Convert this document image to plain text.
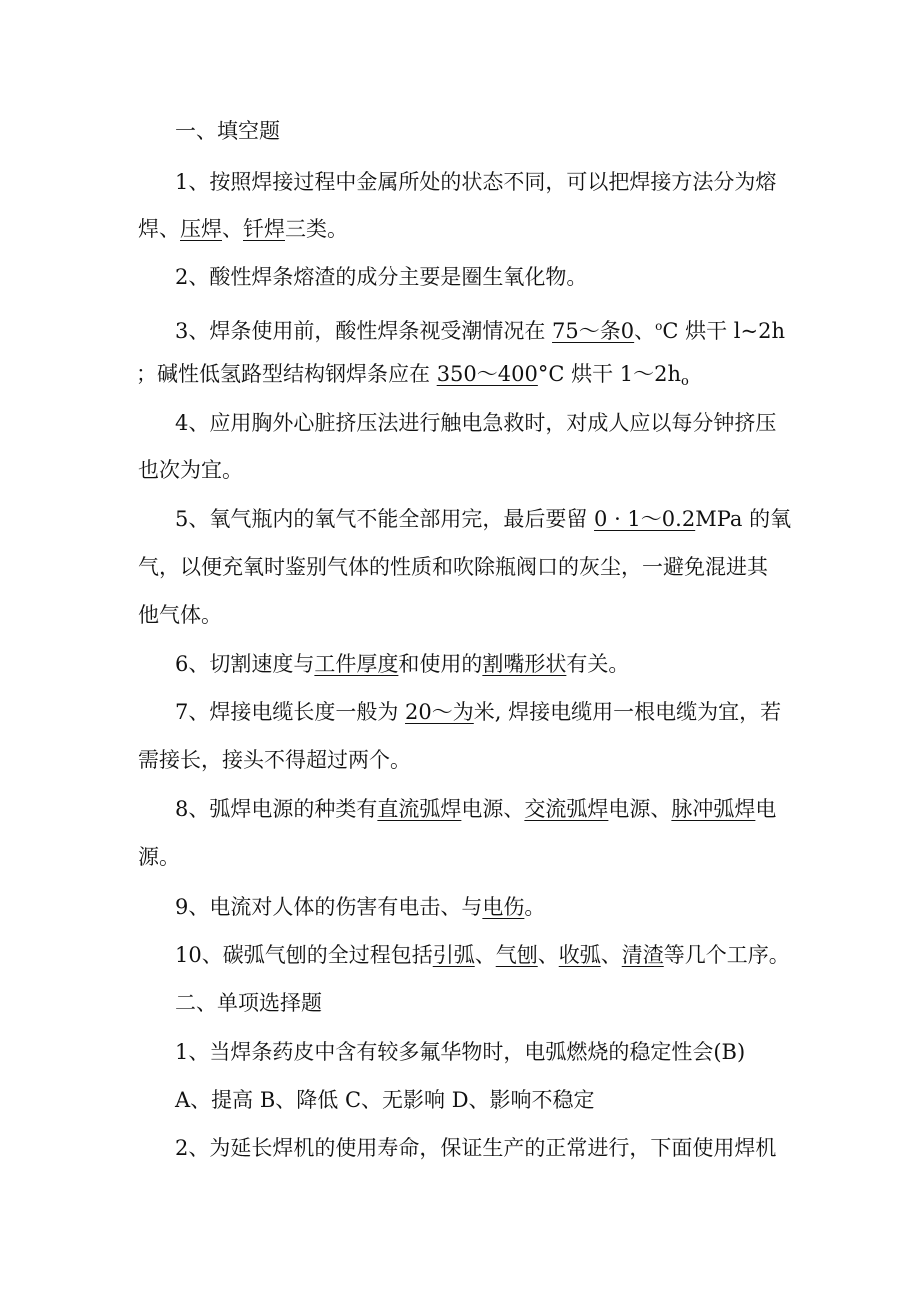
一、填空题
1、按照焊接过程中金属所处的状态不同，可以把焊接方法分为熔
焊、压焊、钎焊三类。
2、酸性焊条熔渣的成分主要是圈生氧化物。
3、焊条使用前，酸性焊条视受潮情况在 75～条0、$^o$C 烘干 l~2h
；碱性低氢路型结构钢焊条应在 350～400°C 烘干 $1\sim 2h_o$
4、应用胸外心脏挤压法进行触电急救时，对成人应以每分钟挤压
也次为宜。
5、氧气瓶内的氧气不能全部用完，最后要留 0 · 1～0.2MPa 的氧
气，以便充氧时鉴别气体的性质和吹除瓶阀口的灰尘，一避免混进其
他气体。
6、切割速度与工件厚度和使用的割嘴形状有关。
7、焊接电缆长度一般为 20～为米, 焊接电缆用一根电缆为宜，若
需接长，接头不得超过两个。
8、弧焊电源的种类有直流弧焊电源、交流弧焊电源、脉冲弧焊电
源。
9、电流对人体的伤害有电击、与电伤。
10、碳弧气刨的全过程包括引弧、气刨、收弧、清渣等几个工序。
二、单项选择题
1、当焊条药皮中含有较多氟华物时，电弧燃烧的稳定性会(B)
A、提高 B、降低 C、无影响 D、影响不稳定
2、为延长焊机的使用寿命，保证生产的正常进行，下面使用焊机
